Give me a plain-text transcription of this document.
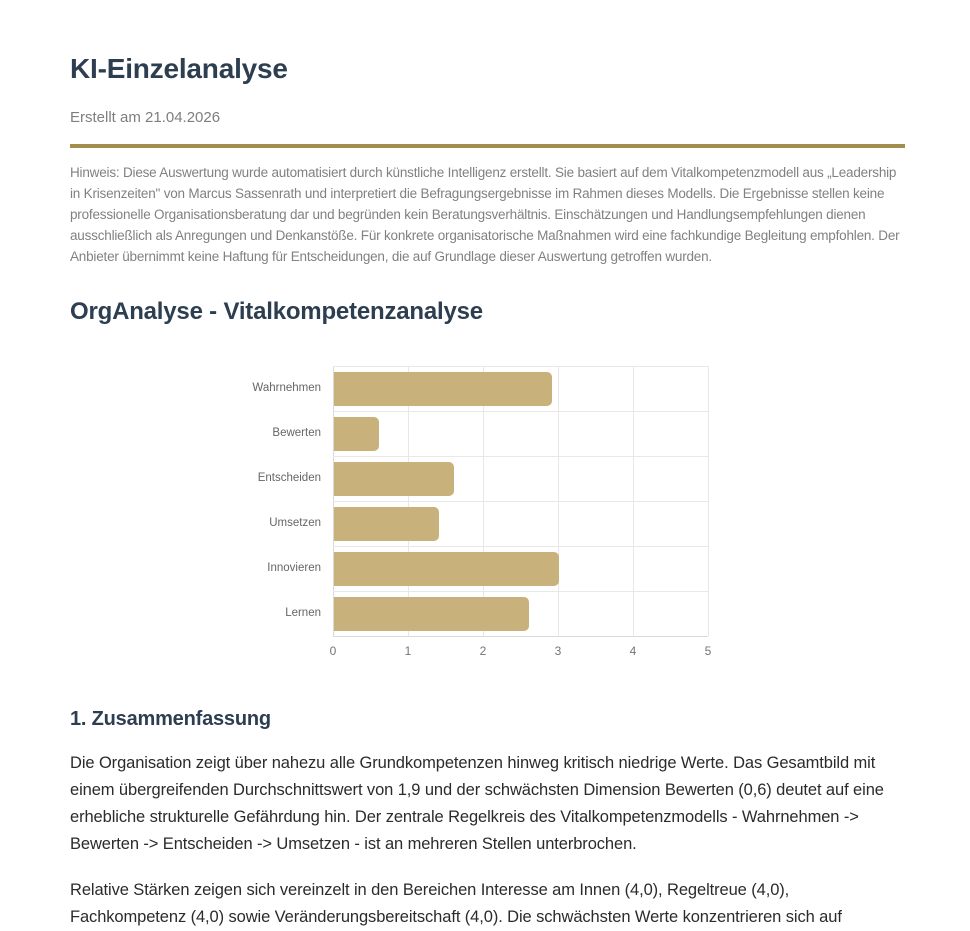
KI-Einzelanalyse
Erstellt am 21.04.2026
Hinweis: Diese Auswertung wurde automatisiert durch künstliche Intelligenz erstellt. Sie basiert auf dem Vitalkompetenzmodell aus „Leadership in Krisenzeiten" von Marcus Sassenrath und interpretiert die Befragungsergebnisse im Rahmen dieses Modells. Die Ergebnisse stellen keine professionelle Organisationsberatung dar und begründen kein Beratungsverhältnis. Einschätzungen und Handlungsempfehlungen dienen ausschließlich als Anregungen und Denkanstöße. Für konkrete organisatorische Maßnahmen wird eine fachkundige Begleitung empfohlen. Der Anbieter übernimmt keine Haftung für Entscheidungen, die auf Grundlage dieser Auswertung getroffen wurden.
OrgAnalyse - Vitalkompetenzanalyse
0	1	2	3	4	5
Wahrnehmen
Bewerten
Entscheiden
Umsetzen
Innovieren
Lernen
1. Zusammenfassung

Die Organisation zeigt über nahezu alle Grundkompetenzen hinweg kritisch niedrige Werte. Das Gesamtbild mit einem übergreifenden Durchschnittswert von 1,9 und der schwächsten Dimension Bewerten (0,6) deutet auf eine erhebliche strukturelle Gefährdung hin. Der zentrale Regelkreis des Vitalkompetenzmodells - Wahrnehmen -> Bewerten -> Entscheiden -> Umsetzen - ist an mehreren Stellen unterbrochen.

Relative Stärken zeigen sich vereinzelt in den Bereichen Interesse am Innen (4,0), Regeltreue (4,0), Fachkompetenz (4,0) sowie Veränderungsbereitschaft (4,0). Die schwächsten Werte konzentrieren sich auf
